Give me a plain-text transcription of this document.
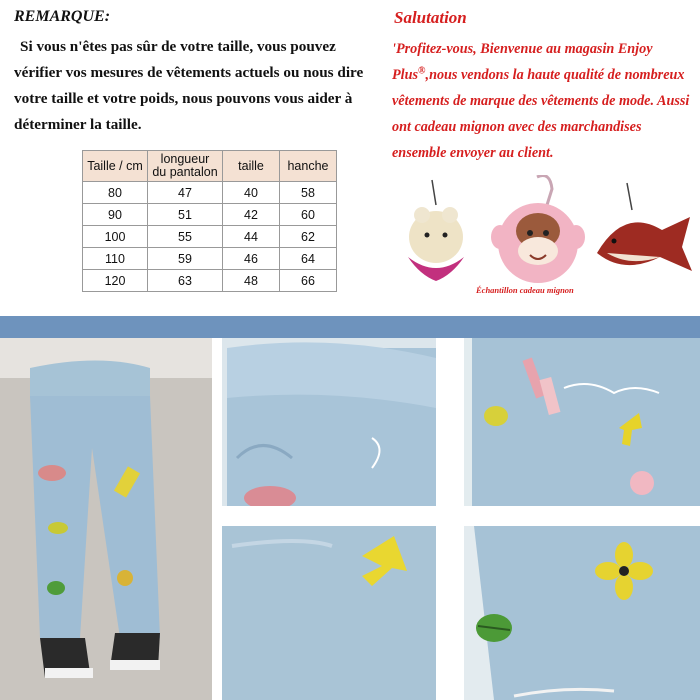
REMARQUE:

Si vous n'êtes pas sûr de votre taille, vous pouvez vérifier vos mesures de vêtements actuels ou nous dire votre taille et votre poids, nous pouvons vous aider à déterminer la taille.

Taille / cm	longueur du pantalon	taille	hanche
80	47	40	58
90	51	42	60
100	55	44	62
110	59	46	64
120	63	48	66

Salutation

'Profitez-vous, Bienvenue au magasin Enjoy Plus®,nous vendons la haute qualité de nombreux vêtements de marque des vêtements de mode. Aussi ont cadeau mignon avec des marchandises ensemble envoyer au client.

Échantillon cadeau mignon
